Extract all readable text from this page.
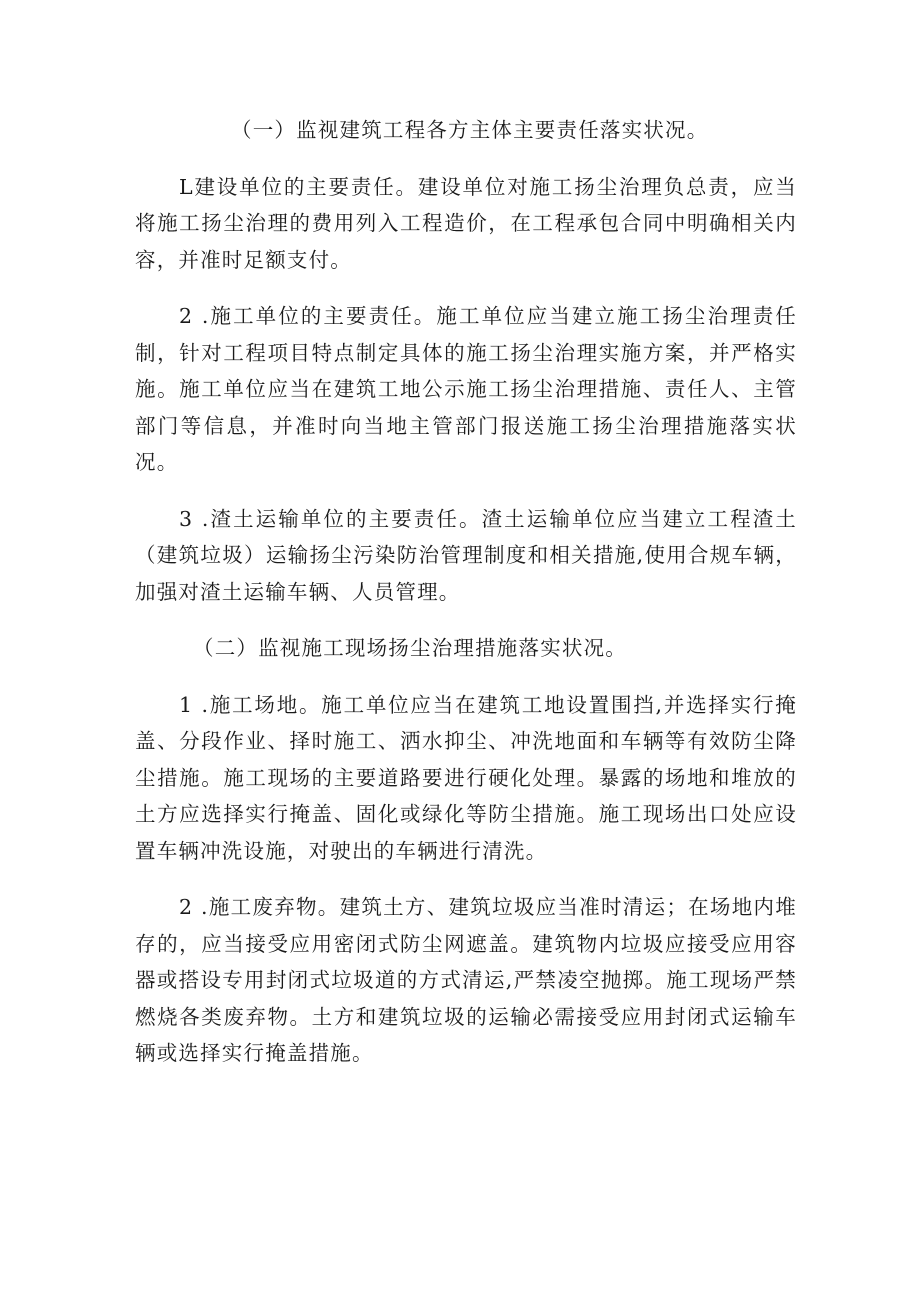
（一）监视建筑工程各方主体主要责任落实状况。

L建设单位的主要责任。建设单位对施工扬尘治理负总责，应当将施工扬尘治理的费用列入工程造价，在工程承包合同中明确相关内容，并准时足额支付。

2 .施工单位的主要责任。施工单位应当建立施工扬尘治理责任制，针对工程项目特点制定具体的施工扬尘治理实施方案，并严格实施。施工单位应当在建筑工地公示施工扬尘治理措施、责任人、主管部门等信息，并准时向当地主管部门报送施工扬尘治理措施落实状况。

3 .渣土运输单位的主要责任。渣土运输单位应当建立工程渣土（建筑垃圾）运输扬尘污染防治管理制度和相关措施,使用合规车辆，加强对渣土运输车辆、人员管理。

（二）监视施工现场扬尘治理措施落实状况。

1 .施工场地。施工单位应当在建筑工地设置围挡,并选择实行掩盖、分段作业、择时施工、洒水抑尘、冲洗地面和车辆等有效防尘降尘措施。施工现场的主要道路要进行硬化处理。暴露的场地和堆放的土方应选择实行掩盖、固化或绿化等防尘措施。施工现场出口处应设置车辆冲洗设施，对驶出的车辆进行清洗。

2 .施工废弃物。建筑土方、建筑垃圾应当准时清运；在场地内堆存的，应当接受应用密闭式防尘网遮盖。建筑物内垃圾应接受应用容器或搭设专用封闭式垃圾道的方式清运,严禁凌空抛掷。施工现场严禁燃烧各类废弃物。土方和建筑垃圾的运输必需接受应用封闭式运输车辆或选择实行掩盖措施。
